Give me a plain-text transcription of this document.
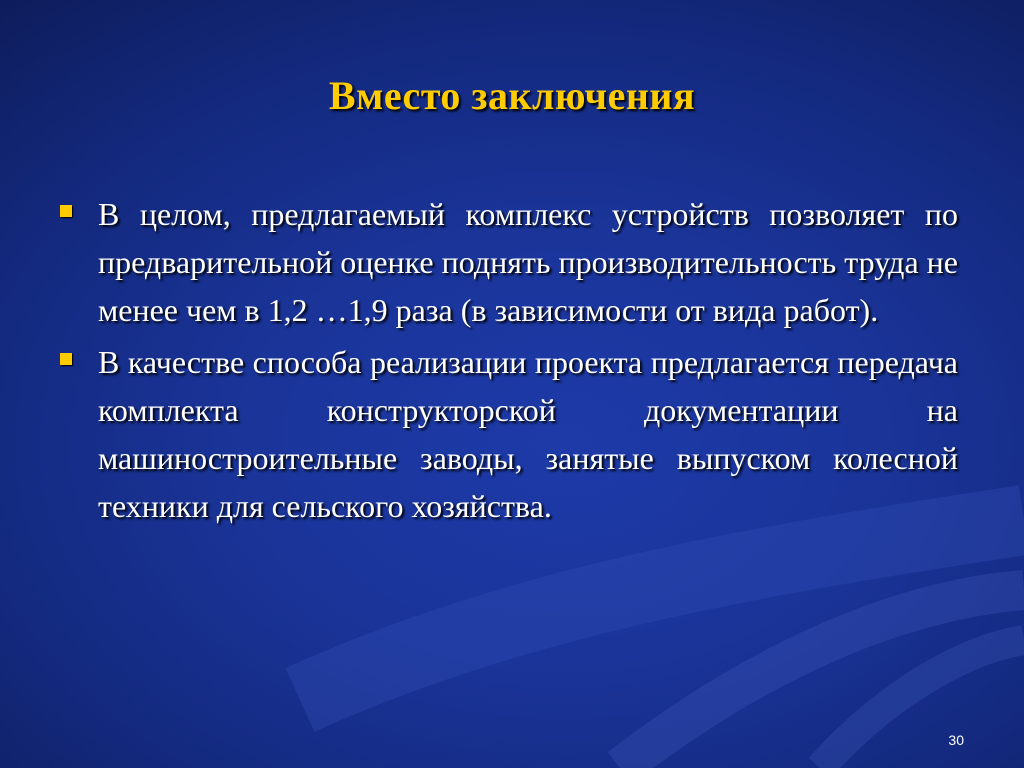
Вместо заключения
В целом, предлагаемый комплекс устройств позволяет по предварительной оценке поднять производительность труда не менее чем в 1,2 …1,9 раза (в зависимости от вида работ).
В качестве способа реализации проекта предлагается передача комплекта конструкторской документации на машиностроительные заводы, занятые выпуском колесной техники для сельского хозяйства.
30
